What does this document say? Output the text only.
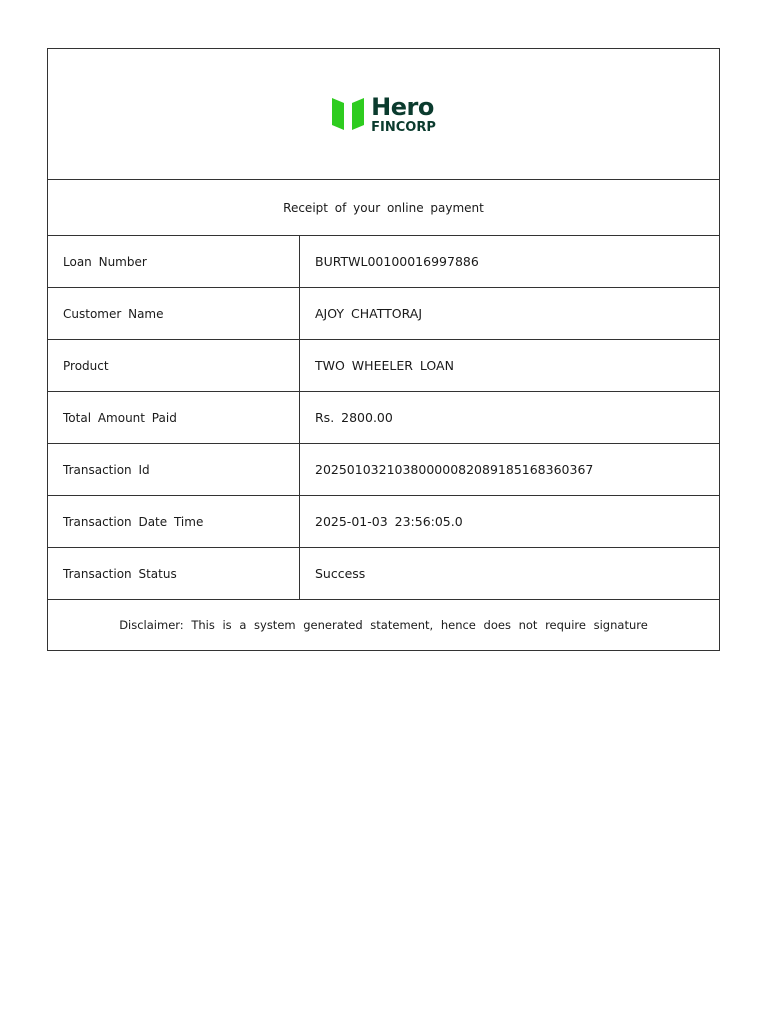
Hero
FINCORP
Receipt of your online payment
Loan Number	BURTWL00100016997886
Customer Name	AJOY CHATTORAJ
Product	TWO WHEELER LOAN
Total Amount Paid	Rs. 2800.00
Transaction Id	20250103210380000082089185168360367
Transaction Date Time	2025-01-03 23:56:05.0
Transaction Status	Success
Disclaimer: This is a system generated statement, hence does not require signature
